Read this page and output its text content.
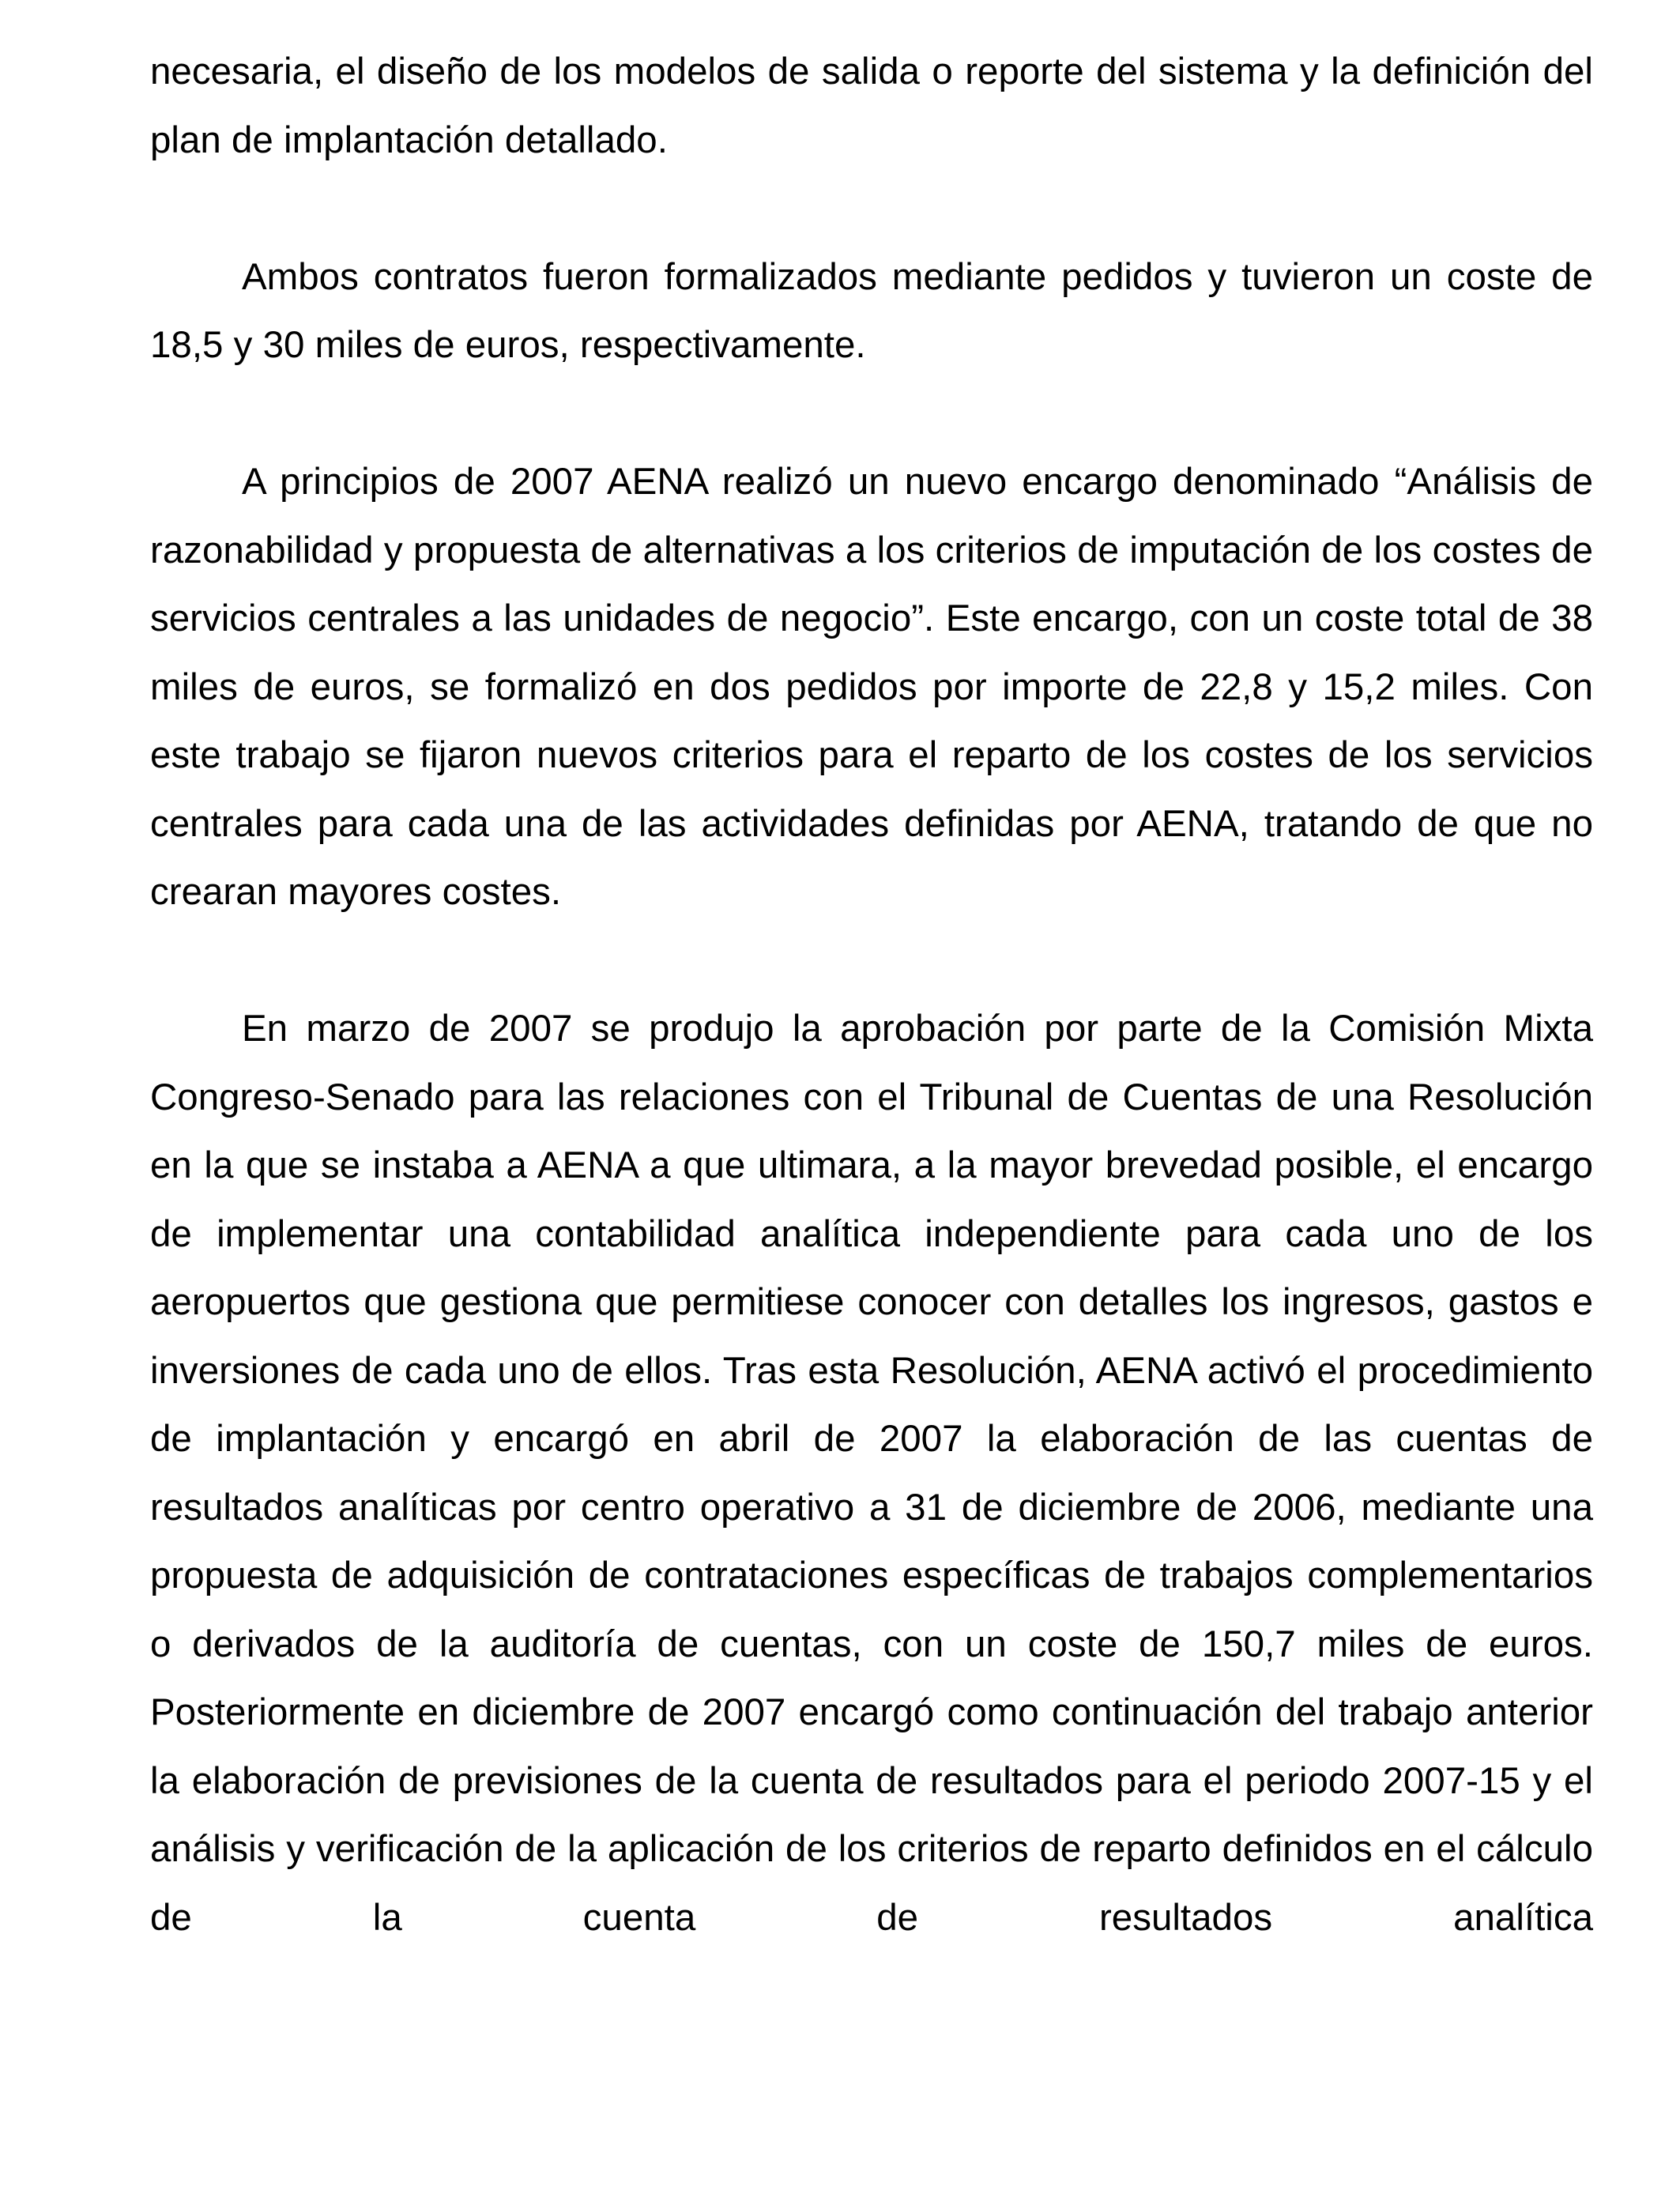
necesaria, el diseño de los modelos de salida o reporte del sistema y la definición del plan de implantación detallado.

Ambos contratos fueron formalizados mediante pedidos y tuvieron un coste de 18,5 y 30 miles de euros, respectivamente.

A principios de 2007 AENA realizó un nuevo encargo denominado “Análisis de razonabilidad y propuesta de alternativas a los criterios de imputación de los costes de servicios centrales a las unidades de negocio”. Este encargo, con un coste total de 38 miles de euros, se formalizó en dos pedidos por importe de 22,8 y 15,2 miles. Con este trabajo se fijaron nuevos criterios para el reparto de los costes de los servicios centrales para cada una de las actividades definidas por AENA, tratando de que no crearan mayores costes.

En marzo de 2007 se produjo la aprobación por parte de la Comisión Mixta Congreso-Senado para las relaciones con el Tribunal de Cuentas de una Resolución en la que se instaba a AENA a que ultimara, a la mayor brevedad posible, el encargo de implementar una contabilidad analítica independiente para cada uno de los aeropuertos que gestiona que permitiese conocer con detalles los ingresos, gastos e inversiones de cada uno de ellos. Tras esta Resolución, AENA activó el procedimiento de implantación y encargó en abril de 2007 la elaboración de las cuentas de resultados analíticas por centro operativo a 31 de diciembre de 2006, mediante una propuesta de adquisición de contrataciones específicas de trabajos complementarios o derivados de la auditoría de cuentas, con un coste de 150,7 miles de euros. Posteriormente en diciembre de 2007 encargó como continuación del trabajo anterior la elaboración de previsiones de la cuenta de resultados para el periodo 2007-15 y el análisis y verificación de la aplicación de los criterios de reparto definidos en el cálculo de la cuenta de resultados analítica
